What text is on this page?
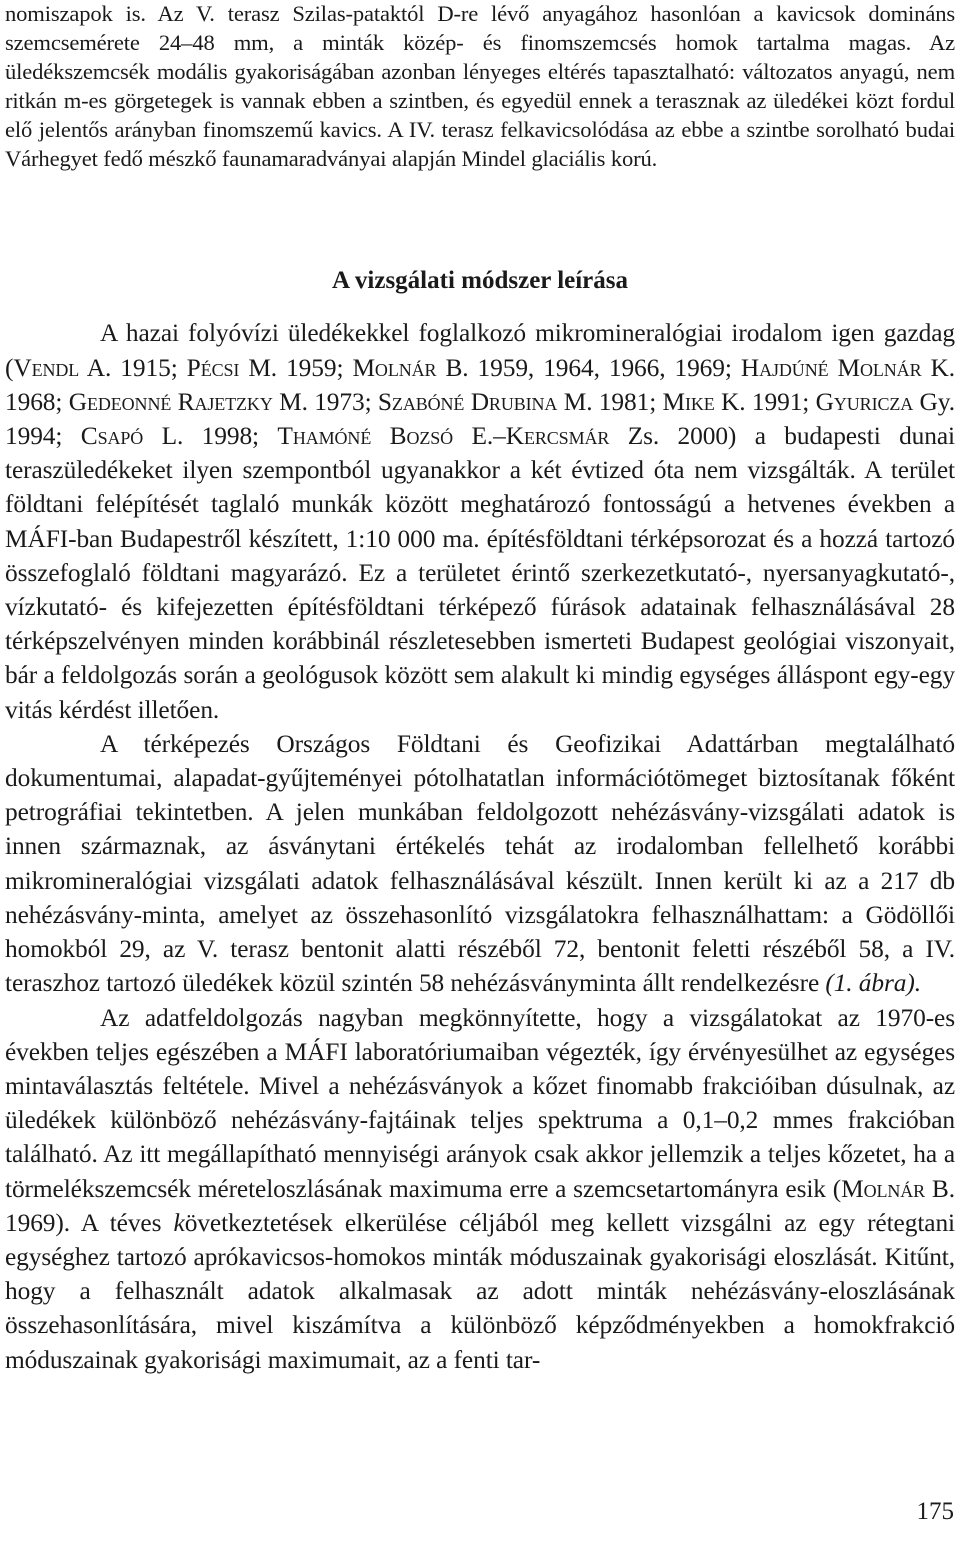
nomiszapok is. Az V. terasz Szilas-pataktól D-re lévő anyagához hasonlóan a kavicsok domináns szemcsemérete 24–48 mm, a minták közép- és finomszemcsés homok tartalma magas. Az üledékszemcsék modális gyakoriságában azonban lényeges eltérés tapasztalható: változatos anyagú, nem ritkán m-es görgetegek is vannak ebben a szintben, és egyedül ennek a terasznak az üledékei közt fordul elő jelentős arányban finomszemű kavics. A IV. terasz felkavicsolódása az ebbe a szintbe sorolható budai Várhegyet fedő mészkő faunamaradványai alapján Mindel glaciális korú.

A vizsgálati módszer leírása

A hazai folyóvízi üledékekkel foglalkozó mikromineralógiai irodalom igen gazdag (Vendl A. 1915; Pécsi M. 1959; Molnár B. 1959, 1964, 1966, 1969; Hajdúné Molnár K. 1968; Gedeonné Rajetzky M. 1973; Szabóné Drubina M. 1981; Mike K. 1991; Gyuricza Gy. 1994; Csapó L. 1998; Thamóné Bozsó E.–Kercsmár Zs. 2000) a budapesti dunai teraszüledékeket ilyen szempontból ugyanakkor a két évtized óta nem vizsgálták. A terület földtani felépítését taglaló munkák között meghatározó fontosságú a hetvenes években a MÁFI-ban Budapestről készített, 1:10 000 ma. építésföldtani térképsorozat és a hozzá tartozó összefoglaló földtani magyarázó. Ez a területet érintő szerkezetkutató-, nyersanyagkutató-, vízkutató- és kifejezetten építésföldtani térképező fúrások adatainak felhasználásával 28 térképszelvényen minden korábbinál részletesebben ismerteti Budapest geológiai viszonyait, bár a feldolgozás során a geológusok között sem alakult ki mindig egységes álláspont egy-egy vitás kérdést illetően.

A térképezés Országos Földtani és Geofizikai Adattárban megtalálható dokumentumai, alapadat-gyűjteményei pótolhatatlan információtömeget biztosítanak főként petrográfiai tekintetben. A jelen munkában feldolgozott nehézásvány-vizsgálati adatok is innen származnak, az ásványtani értékelés tehát az irodalomban fellelhető korábbi mikromineralógiai vizsgálati adatok felhasználásával készült. Innen került ki az a 217 db nehézásvány-minta, amelyet az összehasonlító vizsgálatokra felhasználhattam: a Gödöllői homokból 29, az V. terasz bentonit alatti részéből 72, bentonit feletti részéből 58, a IV. teraszhoz tartozó üledékek közül szintén 58 nehézásványminta állt rendelkezésre (1. ábra).

Az adatfeldolgozás nagyban megkönnyítette, hogy a vizsgálatokat az 1970-es években teljes egészében a MÁFI laboratóriumaiban végezték, így érvényesülhet az egységes mintaválasztás feltétele. Mivel a nehézásványok a kőzet finomabb frakcióiban dúsulnak, az üledékek különböző nehézásvány-fajtáinak teljes spektruma a 0,1–0,2 mmes frakcióban található. Az itt megállapítható mennyiségi arányok csak akkor jellemzik a teljes kőzetet, ha a törmelékszemcsék méreteloszlásának maximuma erre a szemcsetartományra esik (Molnár B. 1969). A téves következtetések elkerülése céljából meg kellett vizsgálni az egy rétegtani egységhez tartozó aprókavicsos-homokos minták móduszainak gyakorisági eloszlását. Kitűnt, hogy a felhasznált adatok alkalmasak az adott minták nehézásvány-eloszlásának összehasonlítására, mivel kiszámítva a különböző képződményekben a homokfrakció móduszainak gyakorisági maximumait, az a fenti tar-

175
